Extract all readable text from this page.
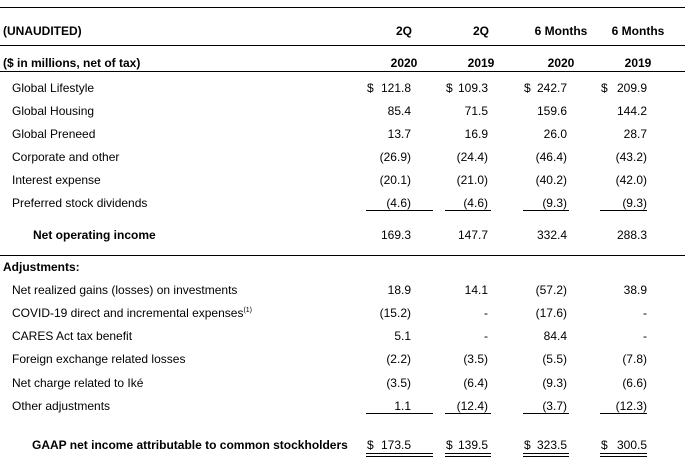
(UNAUDITED)	2Q	2Q	6 Months	6 Months
($ in millions, net of tax)	2020	2019	2020	2019
Global Lifestyle	$ 121.8	$ 109.3	$ 242.7	$ 209.9
Global Housing	85.4	71.5	159.6	144.2
Global Preneed	13.7	16.9	26.0	28.7
Corporate and other	(26.9)	(24.4)	(46.4)	(43.2)
Interest expense	(20.1)	(21.0)	(40.2)	(42.0)
Preferred stock dividends	(4.6)	(4.6)	(9.3)	(9.3)
Net operating income	169.3	147.7	332.4	288.3
Adjustments:
Net realized gains (losses) on investments	18.9	14.1	(57.2)	38.9
COVID-19 direct and incremental expenses$^{(1)}$	(15.2)	-	(17.6)	-
CARES Act tax benefit	5.1	-	84.4	-
Foreign exchange related losses	(2.2)	(3.5)	(5.5)	(7.8)
Net charge related to Iké	(3.5)	(6.4)	(9.3)	(6.6)
Other adjustments	1.1	(12.4)	(3.7)	(12.3)
GAAP net income attributable to common stockholders $ 173.5	$ 139.5	$ 323.5	$ 300.5
